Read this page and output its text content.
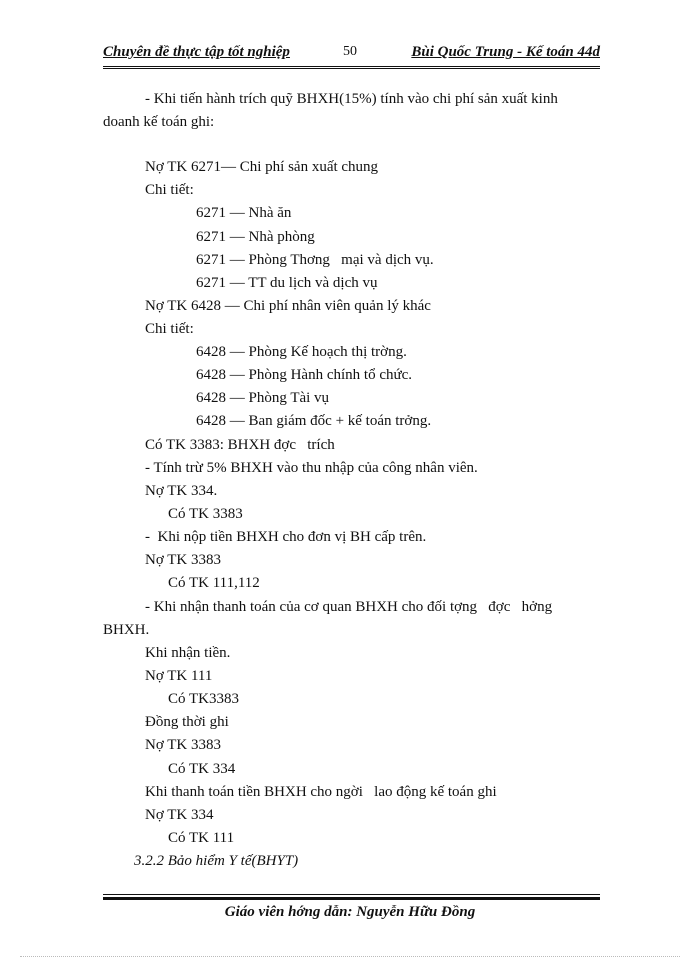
Chuyên đề thực tập tốt nghiệp	50	Bùi Quốc Trung - Kế toán 44d
- Khi tiến hành trích quỹ BHXH(15%) tính vào chi phí sản xuất kinh
doanh kế toán ghi:
Nợ TK 6271— Chi phí sản xuất chung
Chi tiết:
6271 — Nhà ăn
6271 — Nhà phòng
6271 — Phòng Thơng   mại và dịch vụ.
6271 — TT du lịch và dịch vụ
Nợ TK 6428 — Chi phí nhân viên quản lý khác
Chi tiết:
6428 — Phòng Kế hoạch thị trờng.
6428 — Phòng Hành chính tổ chức.
6428 — Phòng Tài vụ
6428 — Ban giám đốc + kế toán trởng.
Có TK 3383: BHXH đợc   trích
- Tính trừ 5% BHXH vào thu nhập của công nhân viên.
Nợ TK 334.
Có TK 3383
-  Khi nộp tiền BHXH cho đơn vị BH cấp trên.
Nợ TK 3383
Có TK 111,112
- Khi nhận thanh toán của cơ quan BHXH cho đối tợng   đợc   hởng
BHXH.
Khi nhận tiền.
Nợ TK 111
Có TK3383
Đồng thời ghi
Nợ TK 3383
Có TK 334
Khi thanh toán tiền BHXH cho ngời   lao động kế toán ghi
Nợ TK 334
Có TK 111
3.2.2 Bảo hiểm Y tế(BHYT)
Giáo viên hớng dẫn: Nguyễn Hữu Đồng
